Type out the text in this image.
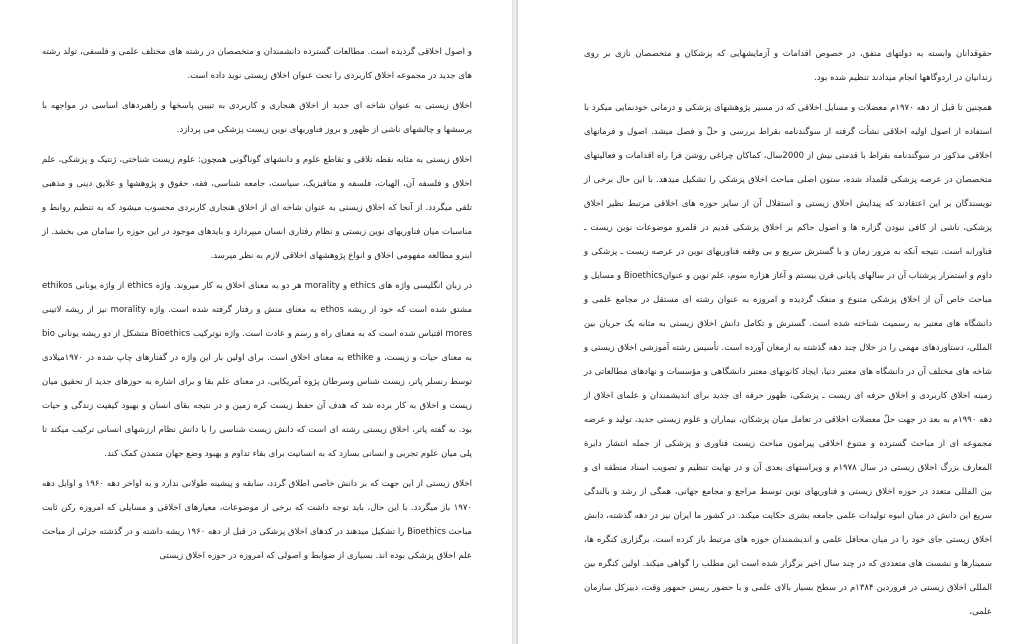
و اصول اخلاقی گردیده است. مطالعات گسترده دانشمندان و متخصصان در رشته های مختلف علمی و فلسفی، تولد رشته های جدید در مجموعه اخلاق کاربردی را تحت عنوان اخلاق زیستی نوید داده است.

اخلاق زیستی به عنوان شاخه ای جدید از اخلاق هنجاری و کاربردی به تبیین پاسخها و راهبردهای اساسی در مواجهه با پرسشها و چالشهای ناشی از ظهور و بروز فناوریهای نوین زیست پزشکی می پردازد.

اخلاق زیستی به مثابه نقطه تلاقی و تقاطع علوم و دانشهای گوناگونی همچون: علوم زیست شناختی، ژنتیک و پزشکی، علم اخلاق و فلسفه آن، الهیات، فلسفه و متافیزیک، سیاست، جامعه شناسی، فقه، حقوق و پژوهشها و علایق دینی و مذهبی تلقی میگردد. از آنجا که اخلاق زیستی به عنوان شاخه ای از اخلاق هنجاری کاربردی محسوب میشود که به تنظیم روابط و مناسبات میان فناوریهای نوین زیستی و نظام رفتاری انسان میپردازد و بایدهای موجود در این حوزه را سامان می بخشد. از اینرو مطالعه مفهومی اخلاق و انواع پژوهشهای اخلاقی لازم به نظر میرسد.

در زبان انگلیسی واژه های ethics و morality هر دو به معنای اخلاق به کار میروند. واژه ethics از واژه یونانی ethikos مشتق شده است که خود از ریشه ethos به معنای منش و رفتار گرفته شده است. واژه morality نیز از ریشه لاتینی mores اقتباس شده است که به معنای راه و رسم و عادت است. واژه نوترکیب Bioethics متشکل از دو ریشه یونانی bio به معنای حیات و زیست، و ethike به معنای اخلاق است. برای اولین بار این واژه در گفتارهای چاپ شده در ۱۹۷۰میلادی توسط رنسلر پاتر، زیست شناس وسرطان پژوه آمریکایی، در معنای علم بقا و برای اشاره به حوزهای جدید از تحقیق میان زیست و اخلاق به کار برده شد که هدف آن حفظ زیست کره زمین و در نتیجه بقای انسان و بهبود کیفیت زندگی و حیات بود. به گفته پاتر، اخلاق زیستی رشته ای است که دانش زیست شناسی را با دانش نظام ارزشهای انسانی ترکیب میکند تا پلی میان علوم تجربی و انسانی بسازد که به انسانیت برای بقاء تداوم و بهبود وضع جهان متمدن کمک کند.

اخلاق زیستی از این جهت که بر دانش خاصی اطلاق گردد، سابقه و پیشینه طولانی ندارد و به اواخر دهه ۱۹۶۰ و اوایل دهه ۱۹۷۰ باز میگردد. با این حال، باید توجه داشت که برخی از موضوعات، معیارهای اخلاقی و مسایلی که امروزه رکن ثابت مباحث Bioethics را تشکیل میدهند در کدهای اخلاق پزشکی در قبل از دهه ۱۹۶۰ ریشه داشته و در گذشته جزئی از مباحث علم اخلاق پزشکی بوده اند. بسیاری از ضوابط و اصولی که امروزه در حوزه اخلاق زیستی

حقوقدانان وابسته به دولتهای متفق، در خصوص اقدامات و آزمایشهایی که پزشکان و متخصصان نازی بر روی زندانیان در اردوگاهها انجام میدادند تنظیم شده بود.

همچنین تا قبل از دهه ۱۹۷۰م معضلات و مسایل اخلاقی که در مسیر پژوهشهای پزشکی و درمانی خودنمایی میکرد با استفاده از اصول اولیه اخلاقی نشأت گرفته از سوگندنامه بقراط بررسی و حلّ و فصل میشد. اصول و فرمانهای اخلاقی مذکور در سوگندنامه بقراط با قدمتی بیش از 2000سال، کماکان چراغی روشن فرا راه اقدامات و فعالیتهای متخصصان در عرصه پزشکی قلمداد شده، ستون اصلی مباحث اخلاق پزشکی را تشکیل میدهد. با این حال برخی از نویسندگان بر این اعتقادند که پیدایش اخلاق زیستی و استقلال آن از سایر حوزه های اخلاقی مرتبط نظیر اخلاق پزشکی، ناشی از کافی نبودن گزاره ها و اصول حاکم بر اخلاق پزشکی قدیم در قلمرو موضوعات نوین زیست ـ فناورانه است. نتیجه آنکه به مرور زمان و با گسترش سریع و بی وقفه فناوریهای نوین در عرصه زیست ـ پزشکی و داوم و استمرار پرشتاب آن در سالهای پایانی قرن بیستم و آغاز هزاره سوم، علم نوین و عنوانBioethics و مسایل و مباحث خاص آن از اخلاق پزشکی متنوع و منفک گردیده و امروزه به عنوان رشته ای مستقل در مجامع علمی و دانشگاه های معتبر به رسمیت شناخته شده است. گسترش و تکامل دانش اخلاق زیستی به مثابه یک جریان بین المللی، دستاوردهای مهمی را در خلال چند دهه گذشته به ارمغان آورده است. تأسیس رشته آموزشی اخلاق زیستی و شاخه های مختلف آن در دانشگاه های معتبر دنیا، ایجاد کانونهای معتبر دانشگاهی و مؤسسات و نهادهای مطالعاتی در زمینه اخلاق کاربردی و اخلاق حرفه ای زیست ـ پزشکی، ظهور حرفه ای جدید برای اندیشمندان و علمای اخلاق از دهه ۱۹۹۰م به بعد در جهت حلّ معضلات اخلاقی در تعامل میان پزشکان، بیماران و علوم زیستی جدید، تولید و عرضه مجموعه ای از مباحث گسترده و متنوع اخلاقی پیرامون مباحث زیست فناوری و پزشکی از جمله انتشار دایرة المعارف بزرگ اخلاق زیستی در سال ۱۹۷۸م و ویراستهای بعدی آن و در نهایت تنظیم و تصویب اسناد منطقه ای و بین المللی متعدد در حوزه اخلاق زیستی و فناوریهای نوین توسط مراجع و مجامع جهانی، همگی از رشد و بالندگی سریع این دانش در میان انبوه تولیدات علمی جامعه بشری حکایت میکند. در کشور ما ایران نیز در دهه گذشته، دانش اخلاق زیستی جای خود را در میان محافل علمی و اندیشمندان حوزه های مرتبط باز کرده است. برگزاری کنگره ها، سمینارها و نشست های متعددی که در چند سال اخیر برگزار شده است این مطلب را گواهی میکند. اولین کنگره بین المللی اخلاق زیستی در فروردین ۱۳۸۴م در سطح بسیار بالای علمی و با حضور رییس جمهور وقت، دبیرکل سازمان علمی،
